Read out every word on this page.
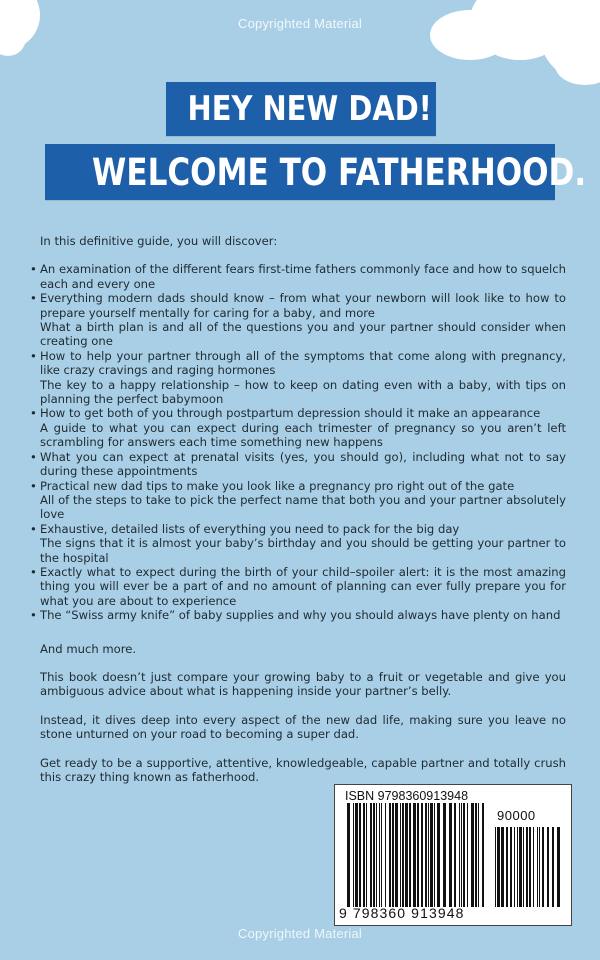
Copyrighted Material
HEY NEW DAD!
WELCOME TO FATHERHOOD.

In this definitive guide, you will discover:

• An examination of the different fears first-time fathers commonly face and how to squelch each and every one
• Everything modern dads should know – from what your newborn will look like to how to prepare yourself mentally for caring for a baby, and more
What a birth plan is and all of the questions you and your partner should consider when creating one
• How to help your partner through all of the symptoms that come along with pregnancy, like crazy cravings and raging hormones
The key to a happy relationship – how to keep on dating even with a baby, with tips on planning the perfect babymoon
• How to get both of you through postpartum depression should it make an appearance
A guide to what you can expect during each trimester of pregnancy so you aren’t left scrambling for answers each time something new happens
• What you can expect at prenatal visits (yes, you should go), including what not to say during these appointments
• Practical new dad tips to make you look like a pregnancy pro right out of the gate
All of the steps to take to pick the perfect name that both you and your partner absolutely love
• Exhaustive, detailed lists of everything you need to pack for the big day
The signs that it is almost your baby’s birthday and you should be getting your partner to the hospital
• Exactly what to expect during the birth of your child–spoiler alert: it is the most amazing thing you will ever be a part of and no amount of planning can ever fully prepare you for what you are about to experience
• The “Swiss army knife” of baby supplies and why you should always have plenty on hand

And much more.

This book doesn’t just compare your growing baby to a fruit or vegetable and give you ambiguous advice about what is happening inside your partner’s belly.

Instead, it dives deep into every aspect of the new dad life, making sure you leave no stone unturned on your road to becoming a super dad.

Get ready to be a supportive, attentive, knowledgeable, capable partner and totally crush this crazy thing known as fatherhood.

ISBN 9798360913948
90000
9 798360 913948
Copyrighted Material
